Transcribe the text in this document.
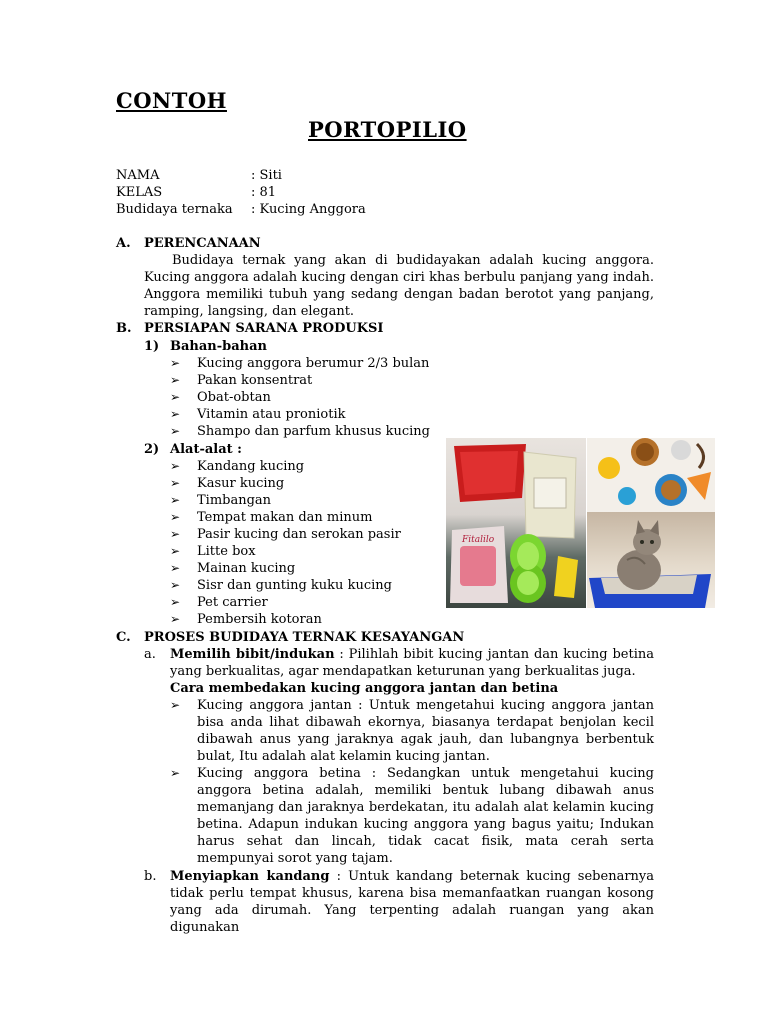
CONTOH
PORTOPILIO
NAMA	: Siti
KELAS	: 81
Budidaya ternaka : Kucing Anggora
A. PERENCANAAN
Budidaya ternak yang akan di budidayakan adalah kucing anggora.
Kucing anggora adalah kucing dengan ciri khas berbulu panjang yang indah.
Anggora memiliki tubuh yang sedang dengan badan berotot yang panjang,
ramping, langsing, dan elegant.
B. PERSIAPAN SARANA PRODUKSI
1) Bahan-bahan
➢ Kucing anggora berumur 2/3 bulan
➢ Pakan konsentrat
➢ Obat-obtan
➢ Vitamin atau proniotik
➢ Shampo dan parfum khusus kucing
2) Alat-alat :
➢ Kandang kucing
➢ Kasur kucing
➢ Timbangan
➢ Tempat makan dan minum
➢ Pasir kucing dan serokan pasir
➢ Litte box
➢ Mainan kucing
➢ Sisr dan gunting kuku kucing
➢ Pet carrier
➢ Pembersih kotoran
Fitalilo
C. PROSES BUDIDAYA TERNAK KESAYANGAN
a. Memilih bibit/indukan : Pilihlah bibit kucing jantan dan kucing betina
yang berkualitas, agar mendapatkan keturunan yang berkualitas juga.
Cara membedakan kucing anggora jantan dan betina
➢ Kucing anggora jantan : Untuk mengetahui kucing anggora jantan
bisa anda lihat dibawah ekornya, biasanya terdapat benjolan kecil
dibawah anus yang jaraknya agak jauh, dan lubangnya berbentuk
bulat, Itu adalah alat kelamin kucing jantan.
➢ Kucing anggora betina : Sedangkan untuk mengetahui kucing
anggora betina adalah, memiliki bentuk lubang dibawah anus
memanjang dan jaraknya berdekatan, itu adalah alat kelamin kucing
betina. Adapun indukan kucing anggora yang bagus yaitu; Indukan
harus sehat dan lincah, tidak cacat fisik, mata cerah serta
mempunyai sorot yang tajam.
b. Menyiapkan kandang : Untuk kandang beternak kucing sebenarnya
tidak perlu tempat khusus, karena bisa memanfaatkan ruangan kosong
yang ada dirumah. Yang terpenting adalah ruangan yang akan digunakan
